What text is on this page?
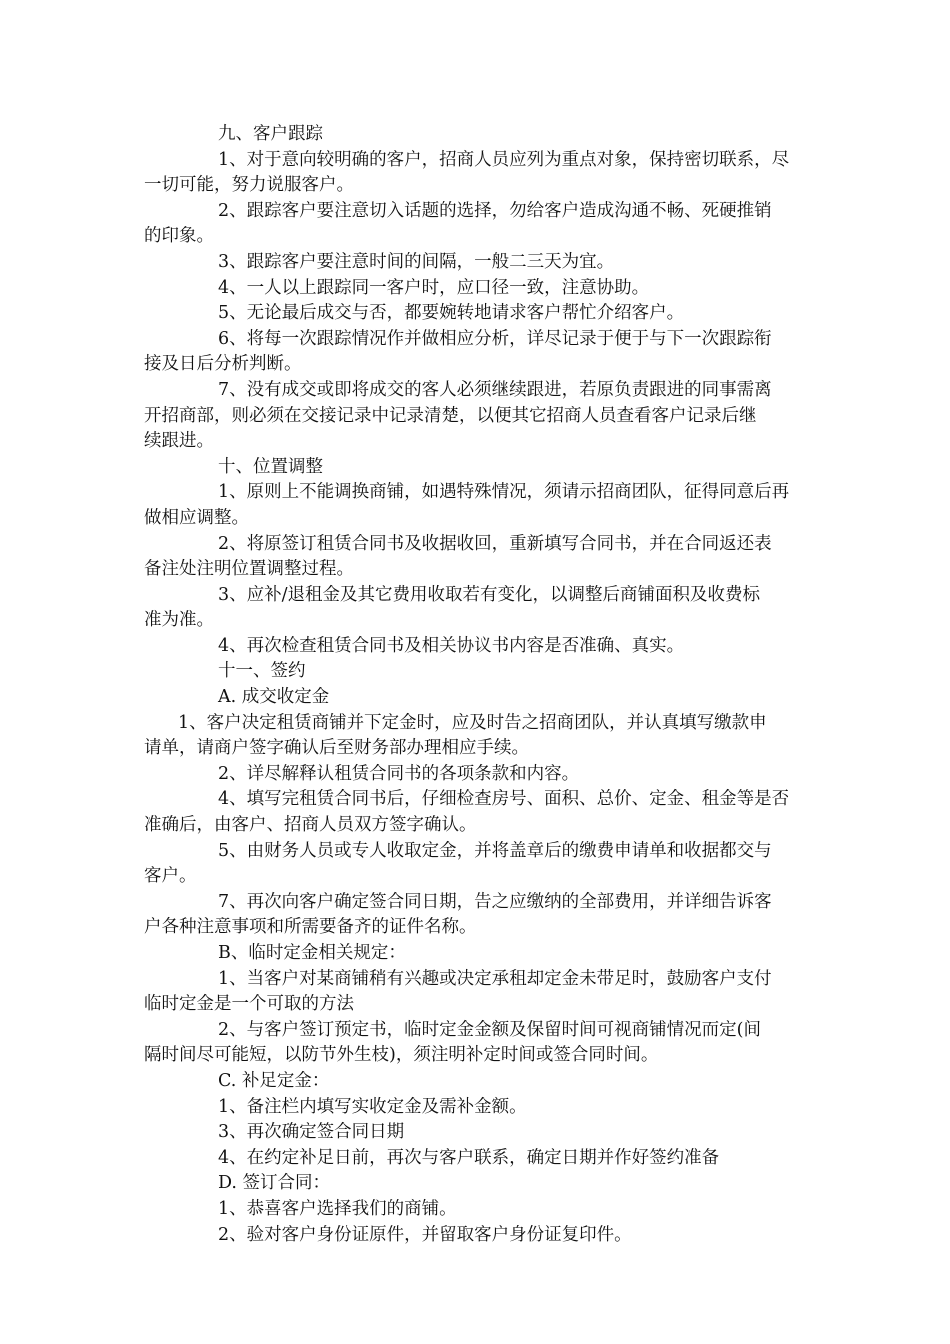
九、客户跟踪

1、对于意向较明确的客户，招商人员应列为重点对象，保持密切联系，尽

一切可能，努力说服客户。

2、跟踪客户要注意切入话题的选择，勿给客户造成沟通不畅、死硬推销

的印象。

3、跟踪客户要注意时间的间隔，一般二三天为宜。

4、一人以上跟踪同一客户时，应口径一致，注意协助。

5、无论最后成交与否，都要婉转地请求客户帮忙介绍客户。

6、将每一次跟踪情况作并做相应分析，详尽记录于便于与下一次跟踪衔

接及日后分析判断。

7、没有成交或即将成交的客人必须继续跟进，若原负责跟进的同事需离

开招商部，则必须在交接记录中记录清楚，以便其它招商人员查看客户记录后继

续跟进。

十、位置调整

1、原则上不能调换商铺，如遇特殊情况，须请示招商团队，征得同意后再

做相应调整。

2、将原签订租赁合同书及收据收回，重新填写合同书，并在合同返还表

备注处注明位置调整过程。

3、应补/退租金及其它费用收取若有变化，以调整后商铺面积及收费标

准为准。

4、再次检查租赁合同书及相关协议书内容是否准确、真实。

十一、签约

A. 成交收定金

1、客户决定租赁商铺并下定金时，应及时告之招商团队，并认真填写缴款申

请单，请商户签字确认后至财务部办理相应手续。

2、详尽解释认租赁合同书的各项条款和内容。

4、填写完租赁合同书后，仔细检查房号、面积、总价、定金、租金等是否

准确后，由客户、招商人员双方签字确认。

5、由财务人员或专人收取定金，并将盖章后的缴费申请单和收据都交与

客户。

7、再次向客户确定签合同日期，告之应缴纳的全部费用，并详细告诉客

户各种注意事项和所需要备齐的证件名称。

B、临时定金相关规定：

1、当客户对某商铺稍有兴趣或决定承租却定金未带足时，鼓励客户支付

临时定金是一个可取的方法

2、与客户签订预定书，临时定金金额及保留时间可视商铺情况而定(间

隔时间尽可能短，以防节外生枝)，须注明补定时间或签合同时间。

C. 补足定金：

1、备注栏内填写实收定金及需补金额。

3、再次确定签合同日期

4、在约定补足日前，再次与客户联系，确定日期并作好签约准备

D. 签订合同：

1、恭喜客户选择我们的商铺。

2、验对客户身份证原件，并留取客户身份证复印件。
